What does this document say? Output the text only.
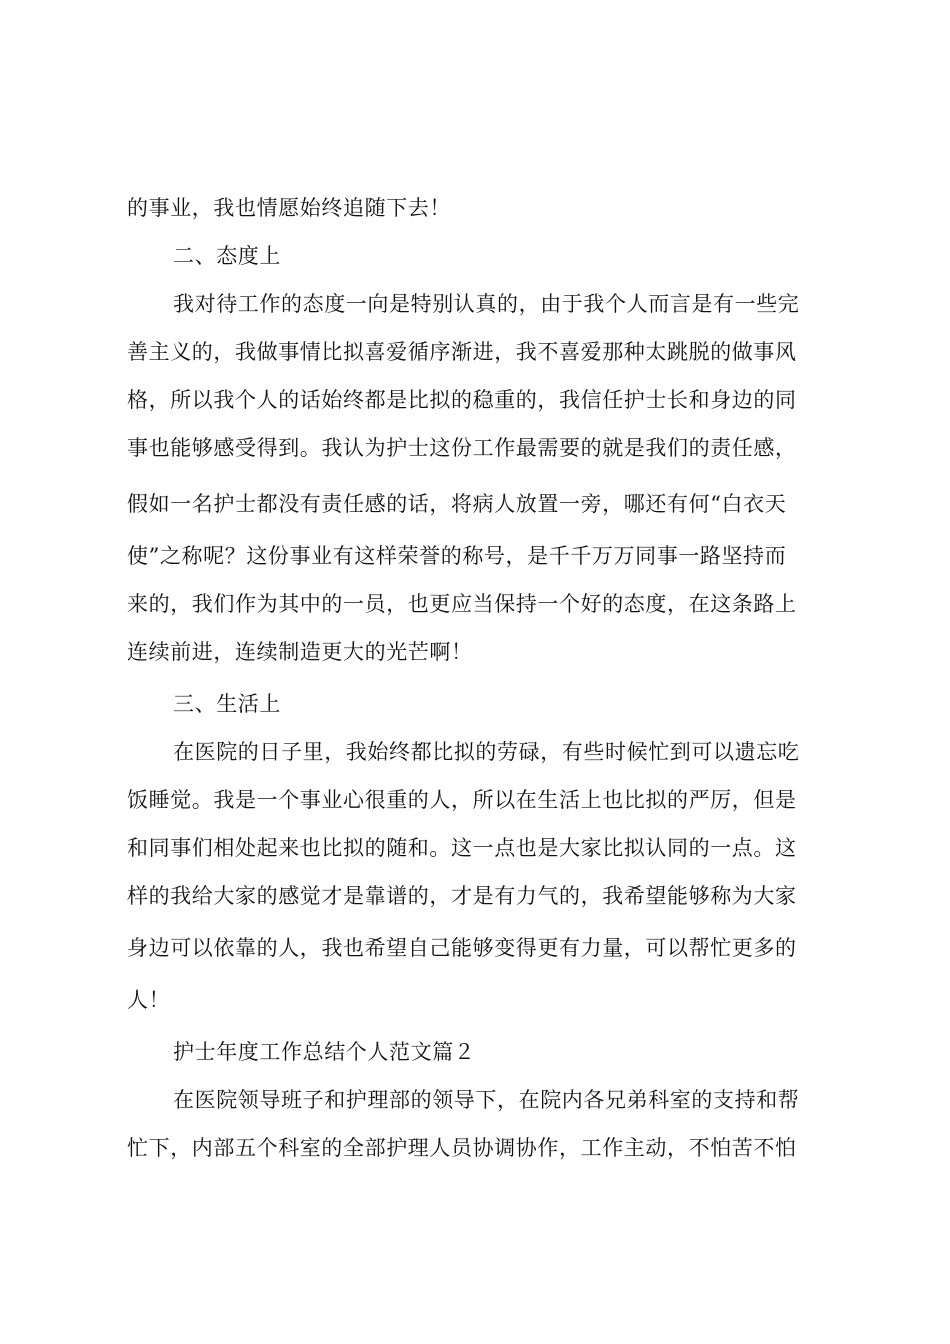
的事业，我也情愿始终追随下去！
二、态度上
我对待工作的态度一向是特别认真的，由于我个人而言是有一些完
善主义的，我做事情比拟喜爱循序渐进，我不喜爱那种太跳脱的做事风
格，所以我个人的话始终都是比拟的稳重的，我信任护士长和身边的同
事也能够感受得到。我认为护士这份工作最需要的就是我们的责任感，
假如一名护士都没有责任感的话，将病人放置一旁，哪还有何“白衣天
使”之称呢？这份事业有这样荣誉的称号，是千千万万同事一路坚持而
来的，我们作为其中的一员，也更应当保持一个好的态度，在这条路上
连续前进，连续制造更大的光芒啊！
三、生活上
在医院的日子里，我始终都比拟的劳碌，有些时候忙到可以遗忘吃
饭睡觉。我是一个事业心很重的人，所以在生活上也比拟的严厉，但是
和同事们相处起来也比拟的随和。这一点也是大家比拟认同的一点。这
样的我给大家的感觉才是靠谱的，才是有力气的，我希望能够称为大家
身边可以依靠的人，我也希望自己能够变得更有力量，可以帮忙更多的
人！
护士年度工作总结个人范文篇２
在医院领导班子和护理部的领导下，在院内各兄弟科室的支持和帮
忙下，内部五个科室的全部护理人员协调协作，工作主动，不怕苦不怕
